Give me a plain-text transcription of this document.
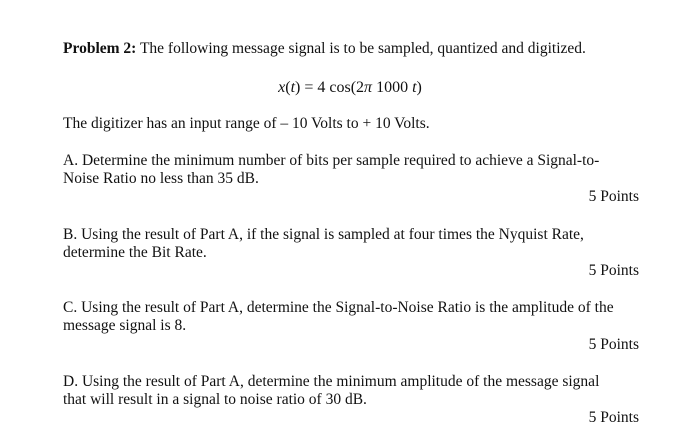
Problem 2: The following message signal is to be sampled, quantized and digitized.
x(t) = 4 cos(2π 1000 t)
The digitizer has an input range of – 10 Volts to + 10 Volts.
A. Determine the minimum number of bits per sample required to achieve a Signal-to-
Noise Ratio no less than 35 dB.
5 Points
B. Using the result of Part A, if the signal is sampled at four times the Nyquist Rate,
determine the Bit Rate.
5 Points
C. Using the result of Part A, determine the Signal-to-Noise Ratio is the amplitude of the
message signal is 8.
5 Points
D. Using the result of Part A, determine the minimum amplitude of the message signal
that will result in a signal to noise ratio of 30 dB.
5 Points
